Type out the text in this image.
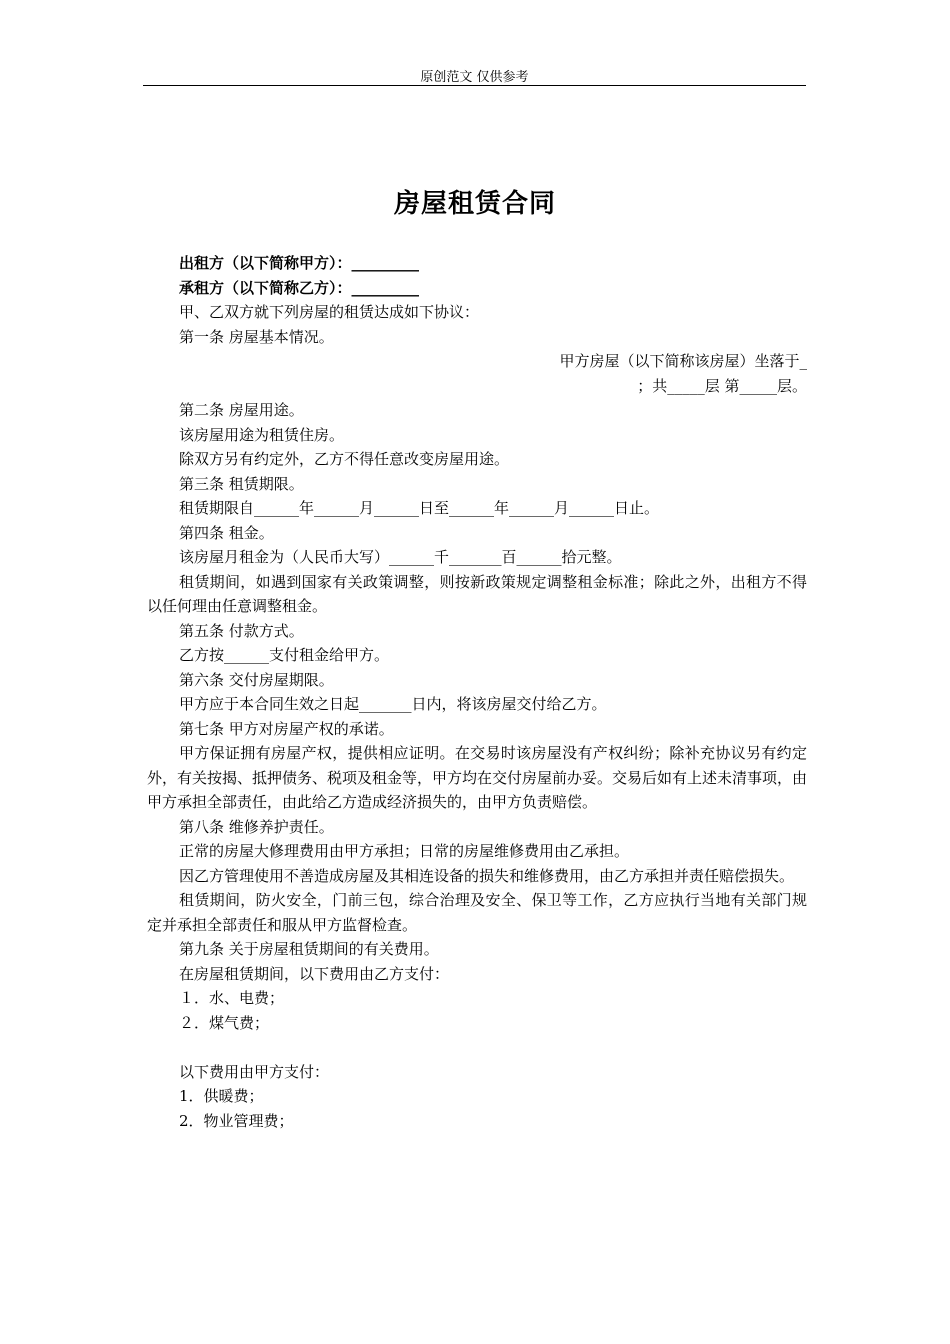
原创范文 仅供参考
房屋租赁合同

出租方（以下简称甲方）：_________

承租方（以下简称乙方）：_________

甲、乙双方就下列房屋的租赁达成如下协议：

第一条 房屋基本情况。

甲方房屋（以下简称该房屋）坐落于_

；共_____层 第_____层。

第二条 房屋用途。

该房屋用途为租赁住房。

除双方另有约定外，乙方不得任意改变房屋用途。

第三条 租赁期限。

租赁期限自______年______月______日至______年______月______日止。

第四条 租金。

该房屋月租金为（人民币大写）______千_______百______拾元整。

租赁期间，如遇到国家有关政策调整，则按新政策规定调整租金标准；除此之外，出租方不得以任何理由任意调整租金。

第五条 付款方式。

乙方按______支付租金给甲方。

第六条 交付房屋期限。

甲方应于本合同生效之日起_______日内，将该房屋交付给乙方。

第七条 甲方对房屋产权的承诺。

甲方保证拥有房屋产权，提供相应证明。在交易时该房屋没有产权纠纷；除补充协议另有约定外，有关按揭、抵押债务、税项及租金等，甲方均在交付房屋前办妥。交易后如有上述未清事项，由甲方承担全部责任，由此给乙方造成经济损失的，由甲方负责赔偿。

第八条 维修养护责任。

正常的房屋大修理费用由甲方承担；日常的房屋维修费用由乙承担。

因乙方管理使用不善造成房屋及其相连设备的损失和维修费用，由乙方承担并责任赔偿损失。

租赁期间，防火安全，门前三包，综合治理及安全、保卫等工作，乙方应执行当地有关部门规定并承担全部责任和服从甲方监督检查。

第九条 关于房屋租赁期间的有关费用。

在房屋租赁期间，以下费用由乙方支付：

１．水、电费；

２．煤气费；

以下费用由甲方支付：

1．供暖费；

2．物业管理费；
